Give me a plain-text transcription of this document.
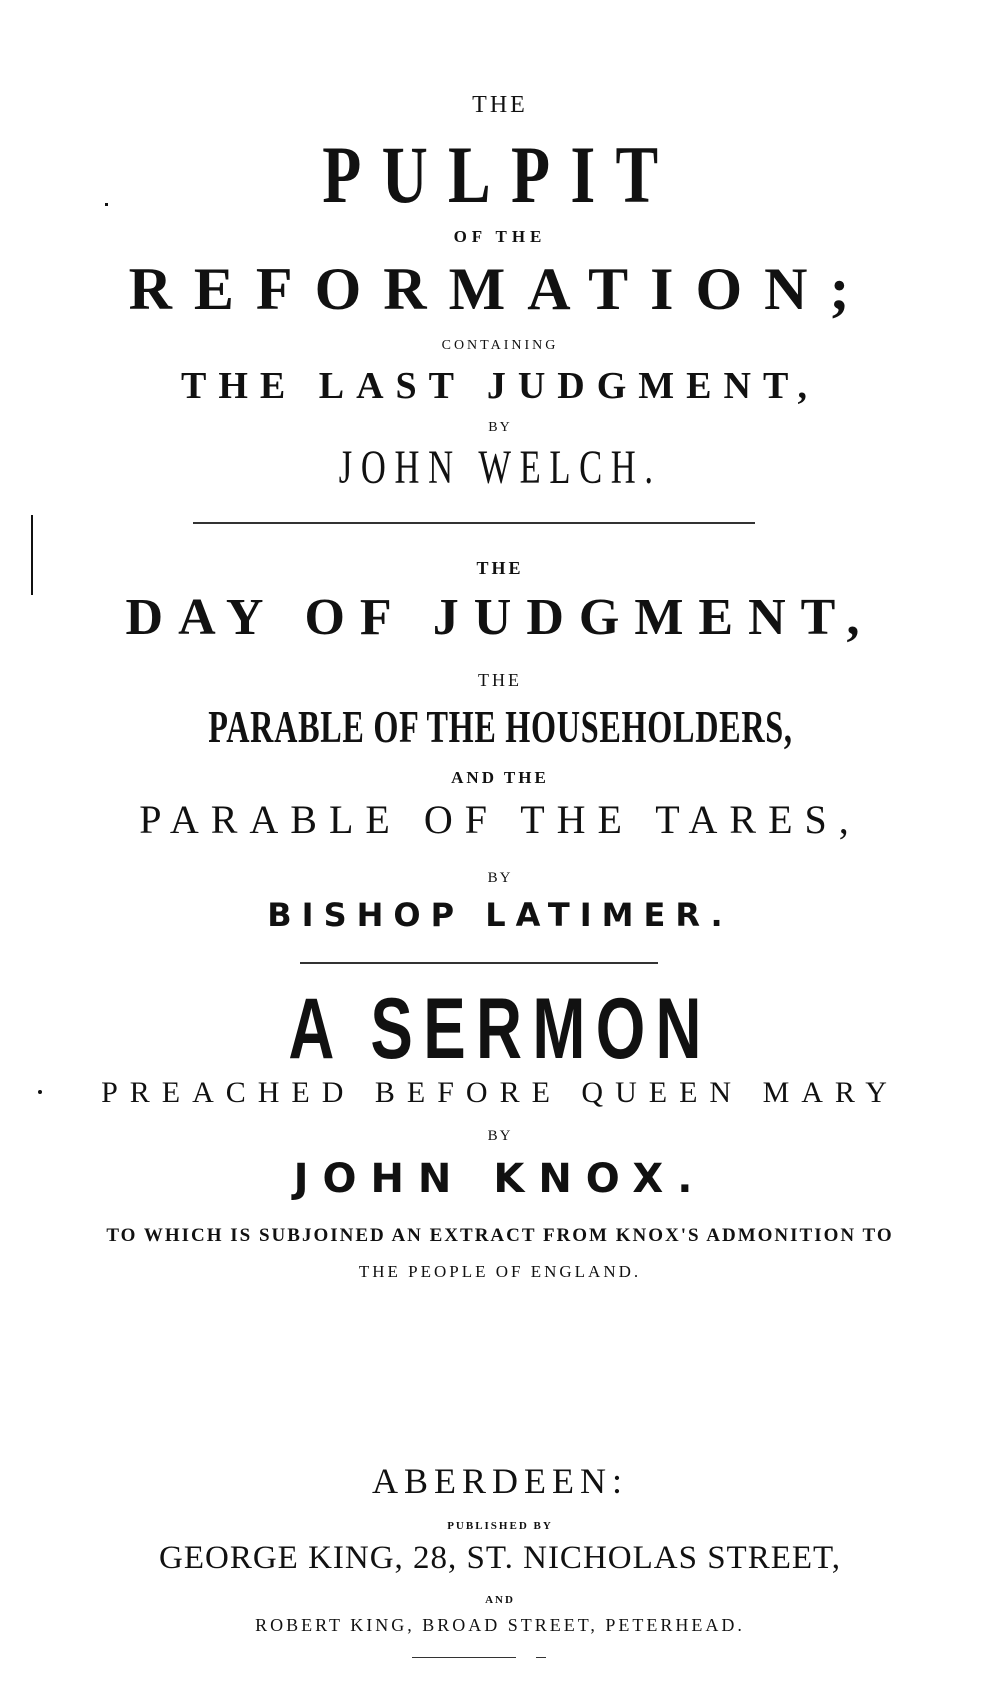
THE
PULPIT
OF THE
REFORMATION;
CONTAINING
THE LAST JUDGMENT,
BY
JOHN WELCH.
THE
DAY OF JUDGMENT,
THE
PARABLE OF THE HOUSEHOLDERS,
AND THE
PARABLE OF THE TARES,
BY
BISHOP LATIMER.
A SERMON
PREACHED BEFORE QUEEN MARY
BY
JOHN KNOX.
TO WHICH IS SUBJOINED AN EXTRACT FROM KNOX'S ADMONITION TO
THE PEOPLE OF ENGLAND.
ABERDEEN:
PUBLISHED BY
GEORGE KING, 28, ST. NICHOLAS STREET,
AND
ROBERT KING, BROAD STREET, PETERHEAD.
